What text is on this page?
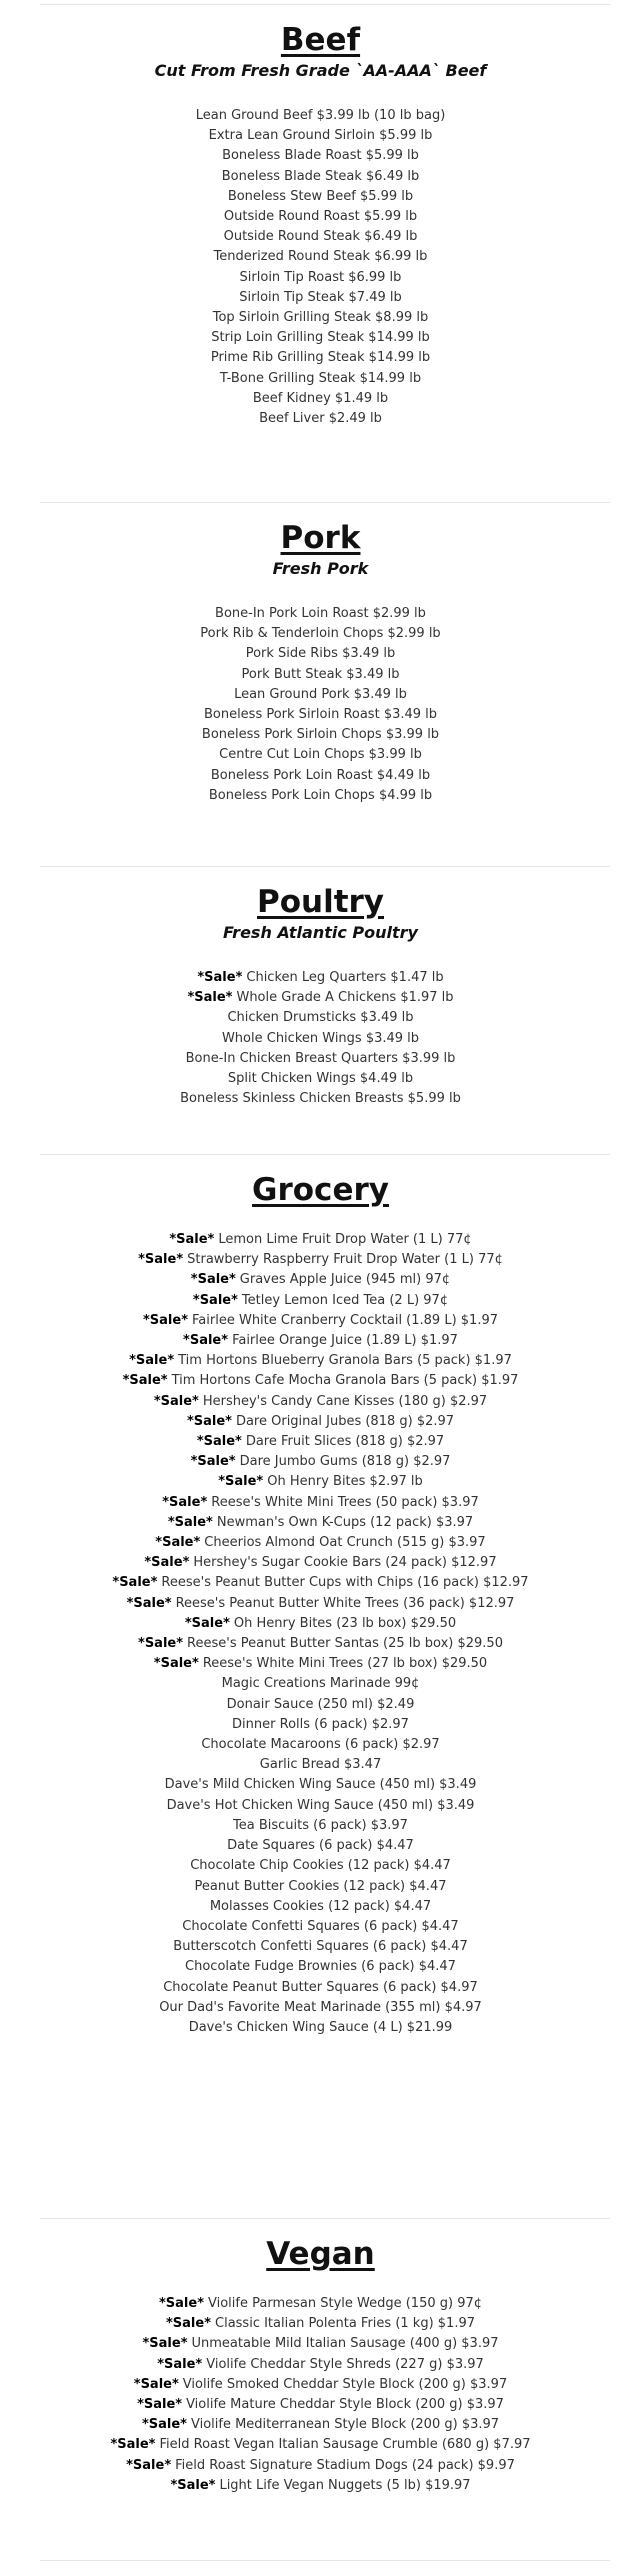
Beef
Cut From Fresh Grade `AA-AAA` Beef
Lean Ground Beef $3.99 lb (10 lb bag)
Extra Lean Ground Sirloin $5.99 lb
Boneless Blade Roast $5.99 lb
Boneless Blade Steak $6.49 lb
Boneless Stew Beef $5.99 lb
Outside Round Roast $5.99 lb
Outside Round Steak $6.49 lb
Tenderized Round Steak $6.99 lb
Sirloin Tip Roast $6.99 lb
Sirloin Tip Steak $7.49 lb
Top Sirloin Grilling Steak $8.99 lb
Strip Loin Grilling Steak $14.99 lb
Prime Rib Grilling Steak $14.99 lb
T-Bone Grilling Steak $14.99 lb
Beef Kidney $1.49 lb
Beef Liver $2.49 lb
Pork
Fresh Pork
Bone-In Pork Loin Roast $2.99 lb
Pork Rib & Tenderloin Chops $2.99 lb
Pork Side Ribs $3.49 lb
Pork Butt Steak $3.49 lb
Lean Ground Pork $3.49 lb
Boneless Pork Sirloin Roast $3.49 lb
Boneless Pork Sirloin Chops $3.99 lb
Centre Cut Loin Chops $3.99 lb
Boneless Pork Loin Roast $4.49 lb
Boneless Pork Loin Chops $4.99 lb
Poultry
Fresh Atlantic Poultry
*Sale* Chicken Leg Quarters $1.47 lb
*Sale* Whole Grade A Chickens $1.97 lb
Chicken Drumsticks $3.49 lb
Whole Chicken Wings $3.49 lb
Bone-In Chicken Breast Quarters $3.99 lb
Split Chicken Wings $4.49 lb
Boneless Skinless Chicken Breasts $5.99 lb
Grocery
*Sale* Lemon Lime Fruit Drop Water (1 L) 77¢
*Sale* Strawberry Raspberry Fruit Drop Water (1 L) 77¢
*Sale* Graves Apple Juice (945 ml) 97¢
*Sale* Tetley Lemon Iced Tea (2 L) 97¢
*Sale* Fairlee White Cranberry Cocktail (1.89 L) $1.97
*Sale* Fairlee Orange Juice (1.89 L) $1.97
*Sale* Tim Hortons Blueberry Granola Bars (5 pack) $1.97
*Sale* Tim Hortons Cafe Mocha Granola Bars (5 pack) $1.97
*Sale* Hershey's Candy Cane Kisses (180 g) $2.97
*Sale* Dare Original Jubes (818 g) $2.97
*Sale* Dare Fruit Slices (818 g) $2.97
*Sale* Dare Jumbo Gums (818 g) $2.97
*Sale* Oh Henry Bites $2.97 lb
*Sale* Reese's White Mini Trees (50 pack) $3.97
*Sale* Newman's Own K-Cups (12 pack) $3.97
*Sale* Cheerios Almond Oat Crunch (515 g) $3.97
*Sale* Hershey's Sugar Cookie Bars (24 pack) $12.97
*Sale* Reese's Peanut Butter Cups with Chips (16 pack) $12.97
*Sale* Reese's Peanut Butter White Trees (36 pack) $12.97
*Sale* Oh Henry Bites (23 lb box) $29.50
*Sale* Reese's Peanut Butter Santas (25 lb box) $29.50
*Sale* Reese's White Mini Trees (27 lb box) $29.50
Magic Creations Marinade 99¢
Donair Sauce (250 ml) $2.49
Dinner Rolls (6 pack) $2.97
Chocolate Macaroons (6 pack) $2.97
Garlic Bread $3.47
Dave's Mild Chicken Wing Sauce (450 ml) $3.49
Dave's Hot Chicken Wing Sauce (450 ml) $3.49
Tea Biscuits (6 pack) $3.97
Date Squares (6 pack) $4.47
Chocolate Chip Cookies (12 pack) $4.47
Peanut Butter Cookies (12 pack) $4.47
Molasses Cookies (12 pack) $4.47
Chocolate Confetti Squares (6 pack) $4.47
Butterscotch Confetti Squares (6 pack) $4.47
Chocolate Fudge Brownies (6 pack) $4.47
Chocolate Peanut Butter Squares (6 pack) $4.97
Our Dad's Favorite Meat Marinade (355 ml) $4.97
Dave's Chicken Wing Sauce (4 L) $21.99
Vegan
*Sale* Violife Parmesan Style Wedge (150 g) 97¢
*Sale* Classic Italian Polenta Fries (1 kg) $1.97
*Sale* Unmeatable Mild Italian Sausage (400 g) $3.97
*Sale* Violife Cheddar Style Shreds (227 g) $3.97
*Sale* Violife Smoked Cheddar Style Block (200 g) $3.97
*Sale* Violife Mature Cheddar Style Block (200 g) $3.97
*Sale* Violife Mediterranean Style Block (200 g) $3.97
*Sale* Field Roast Vegan Italian Sausage Crumble (680 g) $7.97
*Sale* Field Roast Signature Stadium Dogs (24 pack) $9.97
*Sale* Light Life Vegan Nuggets (5 lb) $19.97
